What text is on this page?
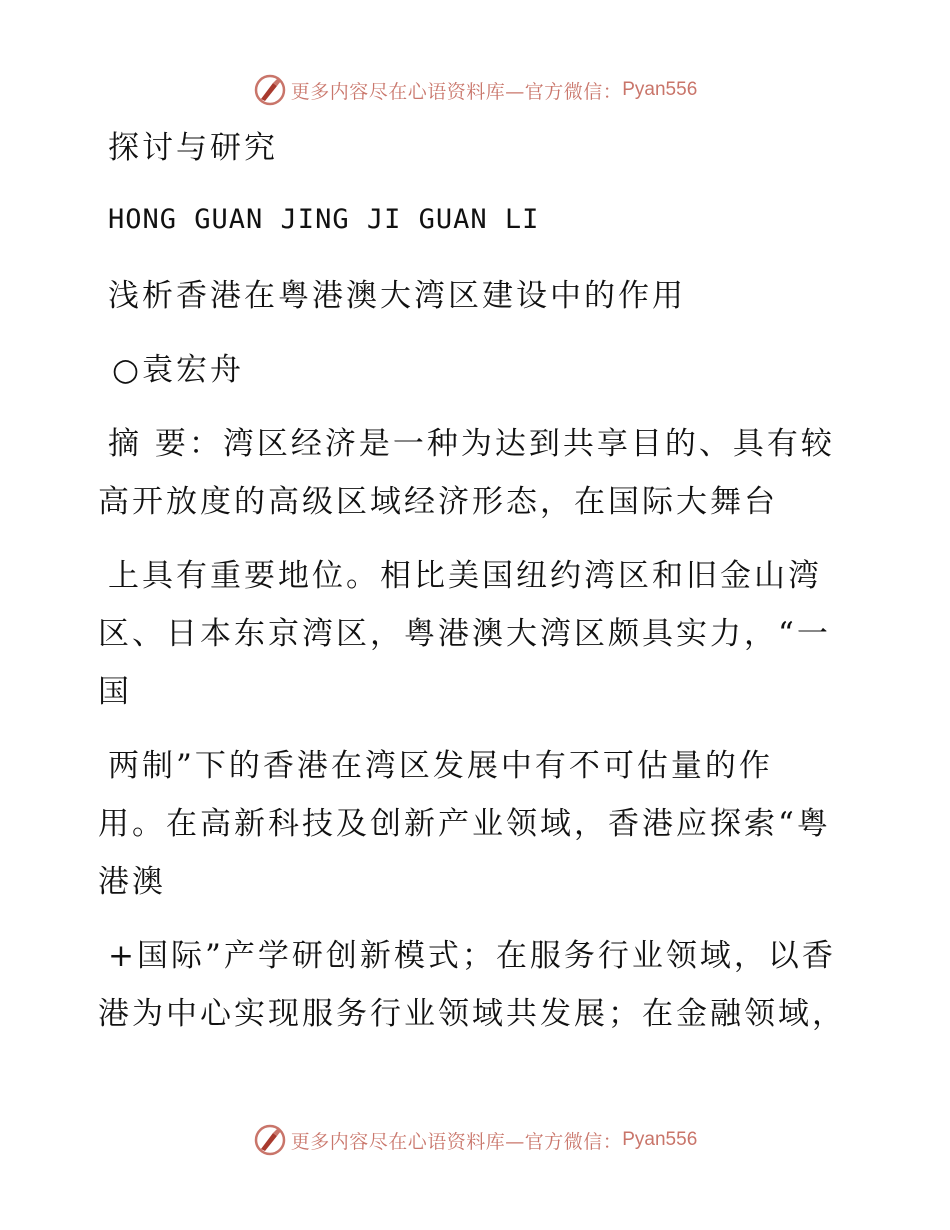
更多内容尽在心语资料库—官方微信： Pyan556
探讨与研究
HONG GUAN JING JI GUAN LI
浅析香港在粤港澳大湾区建设中的作用
○袁宏舟
摘 要：湾区经济是一种为达到共享目的、具有较
高开放度的高级区域经济形态，在国际大舞台
上具有重要地位。相比美国纽约湾区和旧金山湾
区、日本东京湾区，粤港澳大湾区颇具实力，“一
国
两制”下的香港在湾区发展中有不可估量的作
用。在高新科技及创新产业领域，香港应探索“粤
港澳
+国际”产学研创新模式；在服务行业领域，以香
港为中心实现服务行业领域共发展；在金融领域，
更多内容尽在心语资料库—官方微信： Pyan556
